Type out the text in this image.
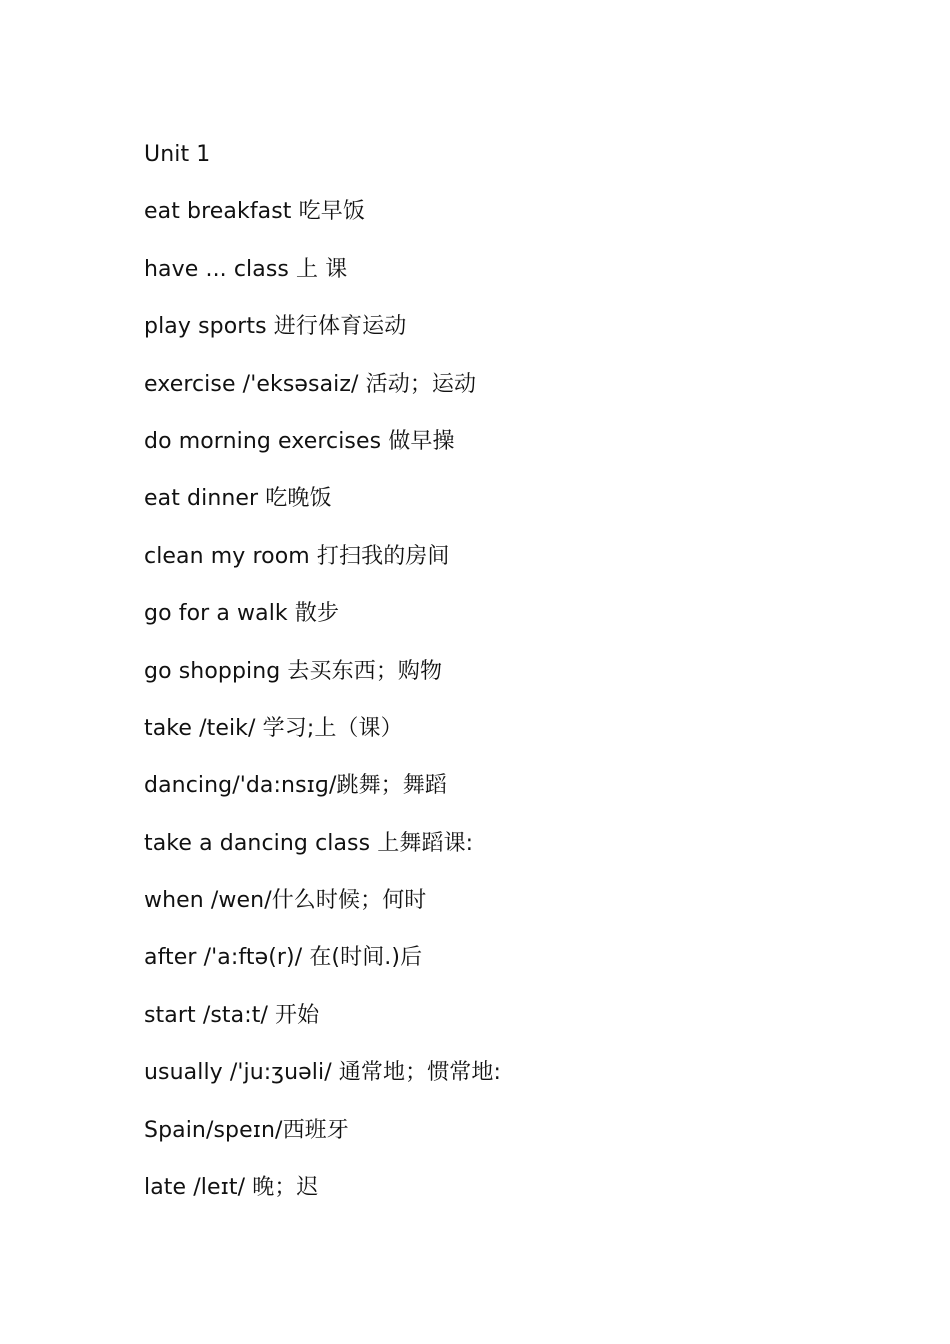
Unit 1
eat breakfast 吃早饭
have ... class 上 课
play sports 进行体育运动
exercise /'eksəsaiz/ 活动；运动
do morning exercises 做早操
eat dinner 吃晚饭
clean my room 打扫我的房间
go for a walk 散步
go shopping 去买东西；购物
take /teik/ 学习;上（课）
dancing/'da:nsɪɡ/跳舞；舞蹈
take a dancing class 上舞蹈课:
when /wen/什么时候；何时
after /'a:ftə(r)/ 在(时间.)后
start /sta:t/ 开始
usually /'ju:ʒuəli/ 通常地；惯常地:
Spain/speɪn/西班牙
late /leɪt/ 晚；迟
